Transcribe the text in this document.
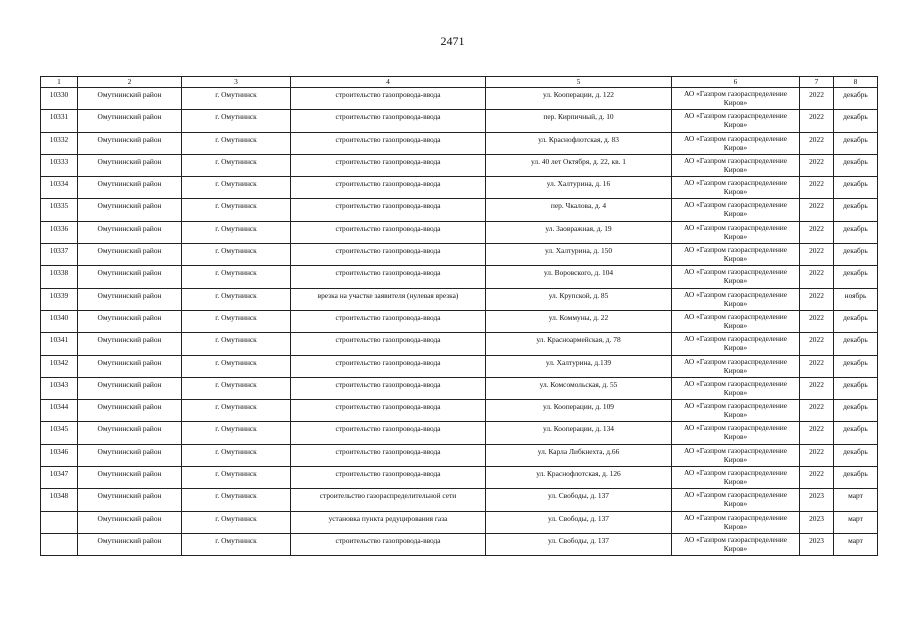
2471
1	2	3	4	5	6	7	8
10330	Омутнинский район	г. Омутнинск	строительство газопровода-ввода	ул. Кооперации, д. 122	АО «Газпром газораспределение Киров»	2022	декабрь
10331	Омутнинский район	г. Омутнинск	строительство газопровода-ввода	пер. Кирпичный, д. 10	АО «Газпром газораспределение Киров»	2022	декабрь
10332	Омутнинский район	г. Омутнинск	строительство газопровода-ввода	ул. Краснофлотская, д. 83	АО «Газпром газораспределение Киров»	2022	декабрь
10333	Омутнинский район	г. Омутнинск	строительство газопровода-ввода	ул. 40 лет Октября, д. 22, кв. 1	АО «Газпром газораспределение Киров»	2022	декабрь
10334	Омутнинский район	г. Омутнинск	строительство газопровода-ввода	ул. Халтурина, д. 16	АО «Газпром газораспределение Киров»	2022	декабрь
10335	Омутнинский район	г. Омутнинск	строительство газопровода-ввода	пер. Чкалова, д. 4	АО «Газпром газораспределение Киров»	2022	декабрь
10336	Омутнинский район	г. Омутнинск	строительство газопровода-ввода	ул. Заовражная, д. 19	АО «Газпром газораспределение Киров»	2022	декабрь
10337	Омутнинский район	г. Омутнинск	строительство газопровода-ввода	ул. Халтурина, д. 150	АО «Газпром газораспределение Киров»	2022	декабрь
10338	Омутнинский район	г. Омутнинск	строительство газопровода-ввода	ул. Воровского, д. 104	АО «Газпром газораспределение Киров»	2022	декабрь
10339	Омутнинский район	г. Омутнинск	врезка на участке заявителя (нулевая врезка)	ул. Крупской, д. 85	АО «Газпром газораспределение Киров»	2022	ноябрь
10340	Омутнинский район	г. Омутнинск	строительство газопровода-ввода	ул. Коммуны, д. 22	АО «Газпром газораспределение Киров»	2022	декабрь
10341	Омутнинский район	г. Омутнинск	строительство газопровода-ввода	ул. Красноармейская, д. 78	АО «Газпром газораспределение Киров»	2022	декабрь
10342	Омутнинский район	г. Омутнинск	строительство газопровода-ввода	ул. Халтурина, д.139	АО «Газпром газораспределение Киров»	2022	декабрь
10343	Омутнинский район	г. Омутнинск	строительство газопровода-ввода	ул. Комсомольская, д. 55	АО «Газпром газораспределение Киров»	2022	декабрь
10344	Омутнинский район	г. Омутнинск	строительство газопровода-ввода	ул. Кооперации, д. 109	АО «Газпром газораспределение Киров»	2022	декабрь
10345	Омутнинский район	г. Омутнинск	строительство газопровода-ввода	ул. Кооперации, д. 134	АО «Газпром газораспределение Киров»	2022	декабрь
10346	Омутнинский район	г. Омутнинск	строительство газопровода-ввода	ул. Карла Либкнехта, д.66	АО «Газпром газораспределение Киров»	2022	декабрь
10347	Омутнинский район	г. Омутнинск	строительство газопровода-ввода	ул. Краснофлотская, д. 126	АО «Газпром газораспределение Киров»	2022	декабрь
10348	Омутнинский район	г. Омутнинск	строительство газораспределительной сети	ул. Свободы, д. 137	АО «Газпром газораспределение Киров»	2023	март
	Омутнинский район	г. Омутнинск	установка пункта редуцирования газа	ул. Свободы, д. 137	АО «Газпром газораспределение Киров»	2023	март
	Омутнинский район	г. Омутнинск	строительство газопровода-ввода	ул. Свободы, д. 137	АО «Газпром газораспределение Киров»	2023	март
